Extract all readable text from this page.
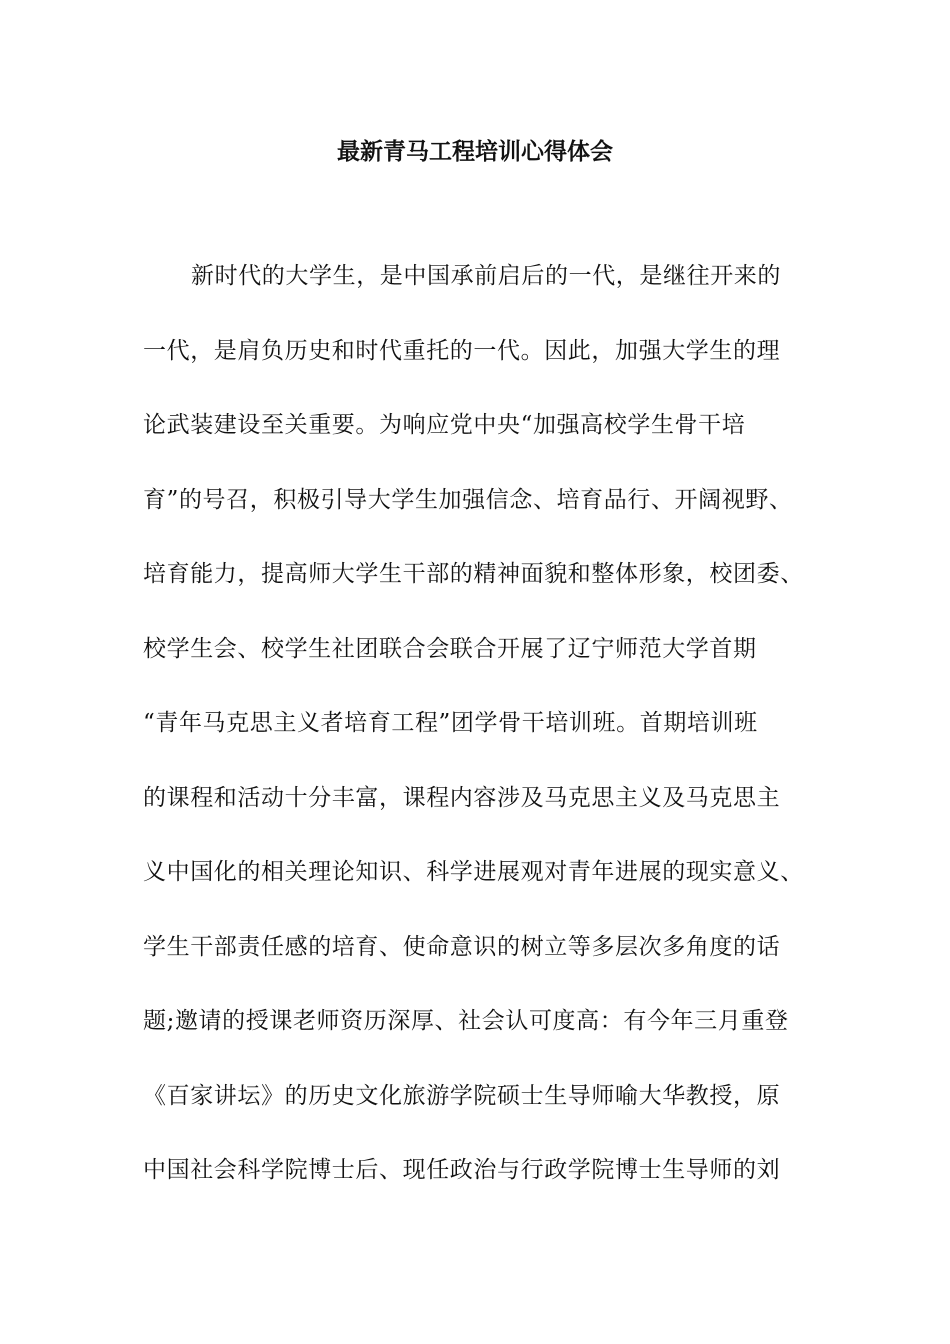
最新青马工程培训心得体会
新时代的大学生，是中国承前启后的一代，是继往开来的
一代，是肩负历史和时代重托的一代。因此，加强大学生的理
论武装建设至关重要。为响应党中央“加强高校学生骨干培
育”的号召，积极引导大学生加强信念、培育品行、开阔视野、
培育能力，提高师大学生干部的精神面貌和整体形象，校团委、
校学生会、校学生社团联合会联合开展了辽宁师范大学首期
“青年马克思主义者培育工程”团学骨干培训班。首期培训班
的课程和活动十分丰富，课程内容涉及马克思主义及马克思主
义中国化的相关理论知识、科学进展观对青年进展的现实意义、
学生干部责任感的培育、使命意识的树立等多层次多角度的话
题;邀请的授课老师资历深厚、社会认可度高：有今年三月重登
《百家讲坛》的历史文化旅游学院硕士生导师喻大华教授，原
中国社会科学院博士后、现任政治与行政学院博士生导师的刘
